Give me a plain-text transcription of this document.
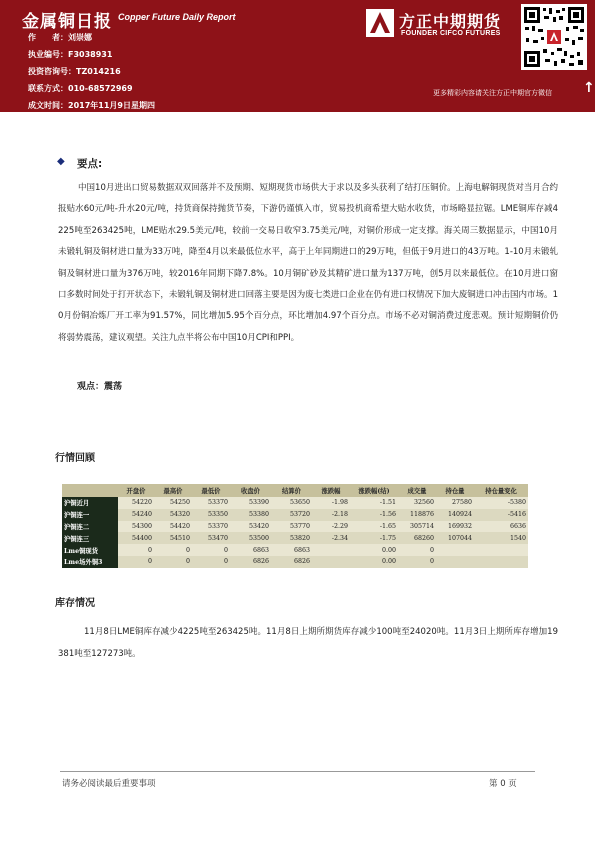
金属铜日报 Copper Future Daily Report
作　　者：刘崇娜
执业编号：F3038931
投资咨询号：TZ014216
联系方式：010-68572969
成文时间：2017年11月9日星期四
方正中期期货
FOUNDER CIFCO FUTURES
更多精彩内容请关注方正中期官方微信 ↑
◆ 要点:
中国10月进出口贸易数据双双回落并不及预期、短期现货市场供大于求以及多头获利了结打压铜价。上海电解铜现货对当月合约报贴水60元/吨-升水20元/吨，持货商保持抛货节奏，下游仍谨慎入市，贸易投机商希望大贴水收货，市场略显拉锯。LME铜库存减4225吨至263425吨，LME贴水29.5美元/吨，较前一交易日收窄3.75美元/吨，对铜价形成一定支撑。海关周三数据显示，中国10月未锻轧铜及铜材进口量为33万吨，降至4月以来最低位水平，高于上年同期进口的29万吨，但低于9月进口的43万吨。1-10月未锻轧铜及铜材进口量为376万吨，较2016年同期下降7.8%。10月铜矿砂及其精矿进口量为137万吨，创5月以来最低位。在10月进口窗口多数时间处于打开状态下，未锻轧铜及铜材进口回落主要是因为废七类进口企业在仍有进口权情况下加大废铜进口冲击国内市场。10月份铜冶炼厂开工率为91.57%，同比增加5.95个百分点，环比增加4.97个百分点。市场不必对铜消费过度悲观。预计短期铜价仍将弱势震荡，建议观望。关注九点半将公布中国10月CPI和PPI。
观点：震荡
行情回顾
	开盘价	最高价	最低价	收盘价	结算价	涨跌幅	涨跌幅(结)	成交量	持仓量	持仓量变化
沪铜近月	54220	54250	53370	53390	53650	-1.98	-1.51	32560	27580	-5380
沪铜连一	54240	54320	53350	53380	53720	-2.18	-1.56	118876	140924	-5416
沪铜连二	54300	54420	53370	53420	53770	-2.29	-1.65	305714	169932	6636
沪铜连三	54400	54510	53470	53500	53820	-2.34	-1.75	68260	107044	1540
Lme铜现货	0	0	0	6863	6863		0.00	0		
Lme场外铜3	0	0	0	6826	6826		0.00	0		
库存情况
11月8日LME铜库存减少4225吨至263425吨。11月8日上期所期货库存减少100吨至24020吨。11月3日上期所库存增加19381吨至127273吨。
请务必阅读最后重要事项	第 0 页
